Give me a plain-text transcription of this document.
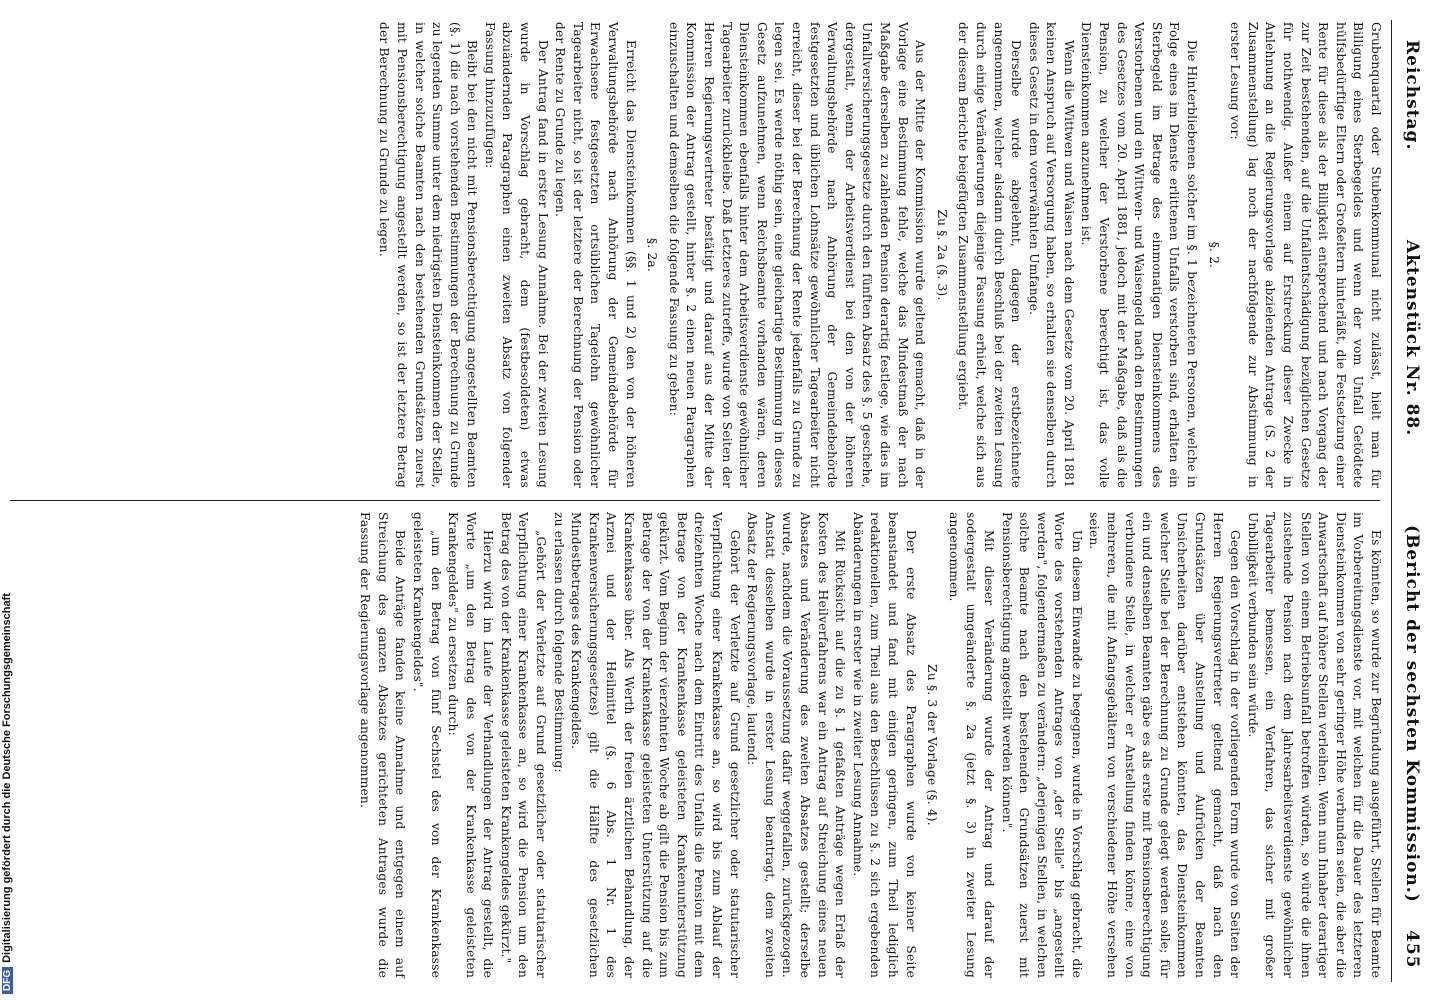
Reichstag.
Aktenstück Nr. 88.
(Bericht der sechsten Kommission.)
455

Grubenquartal oder Stubenkommunal nicht zulässt, hielt man für Billigung eines Sterbegeldes und wenn der vom Unfall Getödtete hülfsbedürftige Eltern oder Großeltern hinterläßt, die Festsetzung einer Rente für diese als der Billigkeit entsprechend und nach Vorgang der zur Zeit bestehenden, auf die Unfallentschädigung bezüglichen Gesetze für nothwendig. Außer einem auf Erstreckung dieser Zwecke in Anlehnung an die Regierungsvorlage abzielenden Antrage (S. 2 der Zusammenstellung) lag noch der nachfolgende zur Abstimmung in erster Lesung vor:

§. 2.

Die Hinterbliebenen solcher im §. 1 bezeichneten Personen, welche in Folge eines im Dienste erlittenen Unfalls verstorben sind, erhalten ein Sterbegeld im Betrage des einmonatigen Diensteinkommens des Verstorbenen und ein Wittwen- und Waisengeld nach den Bestimmungen des Gesetzes vom 20. April 1881, jedoch mit der Maßgabe, daß als die Pension, zu welcher der Verstorbene berechtigt ist, das volle Diensteinkommen anzunehmen ist.

Wenn die Wittwen und Waisen nach dem Gesetze vom 20. April 1881 keinen Anspruch auf Versorgung haben, so erhalten sie denselben durch dieses Gesetz in dem vorerwähnten Umfange.

Derselbe wurde abgelehnt, dagegen der erstbezeichnete angenommen, welcher alsdann durch Beschluß bei der zweiten Lesung durch einige Veränderungen diejenige Fassung erhielt, welche sich aus der diesem Berichte beigefügten Zusammenstellung ergiebt.

Zu §. 2a (§. 3).

Aus der Mitte der Kommission wurde geltend gemacht, daß in der Vorlage eine Bestimmung fehle, welche das Mindestmaß der nach Maßgabe derselben zu zahlenden Pension derartig festlege, wie dies im Unfallversicherungsgesetze durch den fünften Absatz des §. 5 geschehe, dergestalt, wenn der Arbeitsverdienst bei den von der höheren Verwaltungsbehörde nach Anhörung der Gemeindebehörde festgesetzten und üblichen Lohnsätze gewöhnlicher Tagearbeiter nicht erreicht, dieser bei der Berechnung der Rente jedenfalls zu Grunde zu legen sei. Es werde nöthig sein, eine gleichartige Bestimmung in dieses Gesetz aufzunehmen, wenn Reichsbeamte vorhanden wären, deren Diensteinkommen ebenfalls hinter dem Arbeitsverdienste gewöhnlicher Tagearbeiter zurückbleibe. Daß Letzteres zutreffe, wurde von Seiten der Herren Regierungsvertreter bestätigt und darauf aus der Mitte der Kommission der Antrag gestellt, hinter §. 2 einen neuen Paragraphen einzuschalten und demselben die folgende Fassung zu geben:

§. 2a.

Erreicht das Diensteinkommen (§§. 1 und 2) den von der höheren Verwaltungsbehörde nach Anhörung der Gemeindebehörde für Erwachsene festgesetzten ortsüblichen Tagelohn gewöhnlicher Tagearbeiter nicht, so ist der letztere der Berechnung der Pension oder der Rente zu Grunde zu legen.

Der Antrag fand in erster Lesung Annahme. Bei der zweiten Lesung wurde in Vorschlag gebracht, dem (festbesoldeten) etwas abzuändernden Paragraphen einen zweiten Absatz von folgender Fassung hinzuzufügen:

Bleibt bei den nicht mit Pensionsberechtigung angestellten Beamten (§. 1) die nach vorstehenden Bestimmungen der Berechnung zu Grunde zu legenden Summe unter dem niedrigsten Diensteinkommen der Stelle, in welcher solche Beamten nach den bestehenden Grundsätzen zuerst mit Pensionsberechtigung angestellt werden, so ist der letztere Betrag der Berechnung zu Grunde zu legen.

Es könnten, so wurde zur Begründung ausgeführt, Stellen für Beamte im Vorbereitungsdienste vor, mit welchen für die Dauer des letzteren Diensteinkommen von sehr geringer Höhe verbunden seien, die aber die Anwartschaft auf höhere Stellen verleihen. Wenn nun Inhaber derartiger Stellen von einem Betriebsunfall betroffen würden, so würde die ihnen zustehende Pension nach dem Jahresarbeitsverdienste gewöhnlicher Tagearbeiter bemessen, ein Verfahren, das sicher mit großer Unbilligkeit verbunden sein würde.

Gegen den Vorschlag in der vorliegenden Form wurde von Seiten der Herren Regierungsvertreter geltend gemacht, daß nach den Grundsätzen über Anstellung und Aufrücken der Beamten Unsicherheiten darüber entstehen könnten, das Diensteinkommen welcher Stelle bei der Berechnung zu Grunde gelegt werden solle; für ein und denselben Beamten gäbe es als erste mit Pensionsberechtigung verbundene Stelle, in welcher er Anstellung finden könne, eine von mehreren, die mit Anfangsgehältern von verschiedener Höhe versehen seien.

Um diesem Einwande zu begegnen, wurde in Vorschlag gebracht, die Worte des vorstehenden Antrages von „der Stelle" bis „angestellt werden", folgendermaßen zu verändern: „derjenigen Stellen, in welchen solche Beamte nach den bestehenden Grundsätzen zuerst mit Pensionsberechtigung angestellt werden können".

Mit dieser Veränderung wurde der Antrag und darauf der sodergestalt umgeänderte §. 2a (jetzt §. 3) in zweiter Lesung angenommen.

Zu §. 3 der Vorlage (§. 4).

Der erste Absatz des Paragraphen wurde von keiner Seite beanstandet und fand mit einigen geringen, zum Theil lediglich redaktionellen, zum Theil aus den Beschlüssen zu §. 2 sich ergebenden Abänderungen in erster wie in zweiter Lesung Annahme.

Mit Rücksicht auf die zu §. 1 gefaßten Anträge wegen Erlaß der Kosten des Heilverfahrens war ein Antrag auf Streichung eines neuen Absatzes und Veränderung des zweiten Absatzes gestellt; derselbe wurde, nachdem die Voraussetzung dafür weggefallen, zurückgezogen. Anstatt desselben wurde in erster Lesung beantragt, dem zweiten Absatz der Regierungsvorlage, lautend:

Gehört der Verletzte auf Grund gesetzlicher oder statutarischer Verpflichtung einer Krankenkasse an, so wird bis zum Ablauf der dreizehnten Woche nach dem Eintritt des Unfalls die Pension mit dem Betrage von der Krankenkasse geleisteten Krankenunterstützung gekürzt. Vom Beginn der vierzehnten Woche ab gilt die Pension bis zum Betrage der von der Krankenkasse geleisteten Unterstützung auf die Krankenkasse über. Als Werth der freien ärztlichen Behandlung, der Arznei und der Heilmittel (§. 6 Abs. 1 Nr. 1 des Krankenversicherungsgesetzes) gilt die Hälfte des gesetzlichen Mindestbetrages des Krankengeldes.

zu erlassen durch folgende Bestimmung:

„Gehört der Verletzte auf Grund gesetzlicher oder statutarischer Verpflichtung einer Krankenkasse an, so wird die Pension um den Betrag des von der Krankenkasse geleisteten Krankengeldes gekürzt."

Hierzu wird im Laufe der Verhandlungen der Antrag gestellt, die Worte „um den Betrag des von der Krankenkasse geleisteten Krankengeldes" zu ersetzen durch:

„um den Betrag von fünf Sechstel des von der Krankenkasse geleisteten Krankengeldes".

Beide Anträge fanden keine Annahme und entgegen einem auf Streichung des ganzen Absatzes gerichteten Antrages wurde die Fassung der Regierungsvorlage angenommen.

DFGDigitalisierung gefördert durch die Deutsche Forschungsgemeinschaft
